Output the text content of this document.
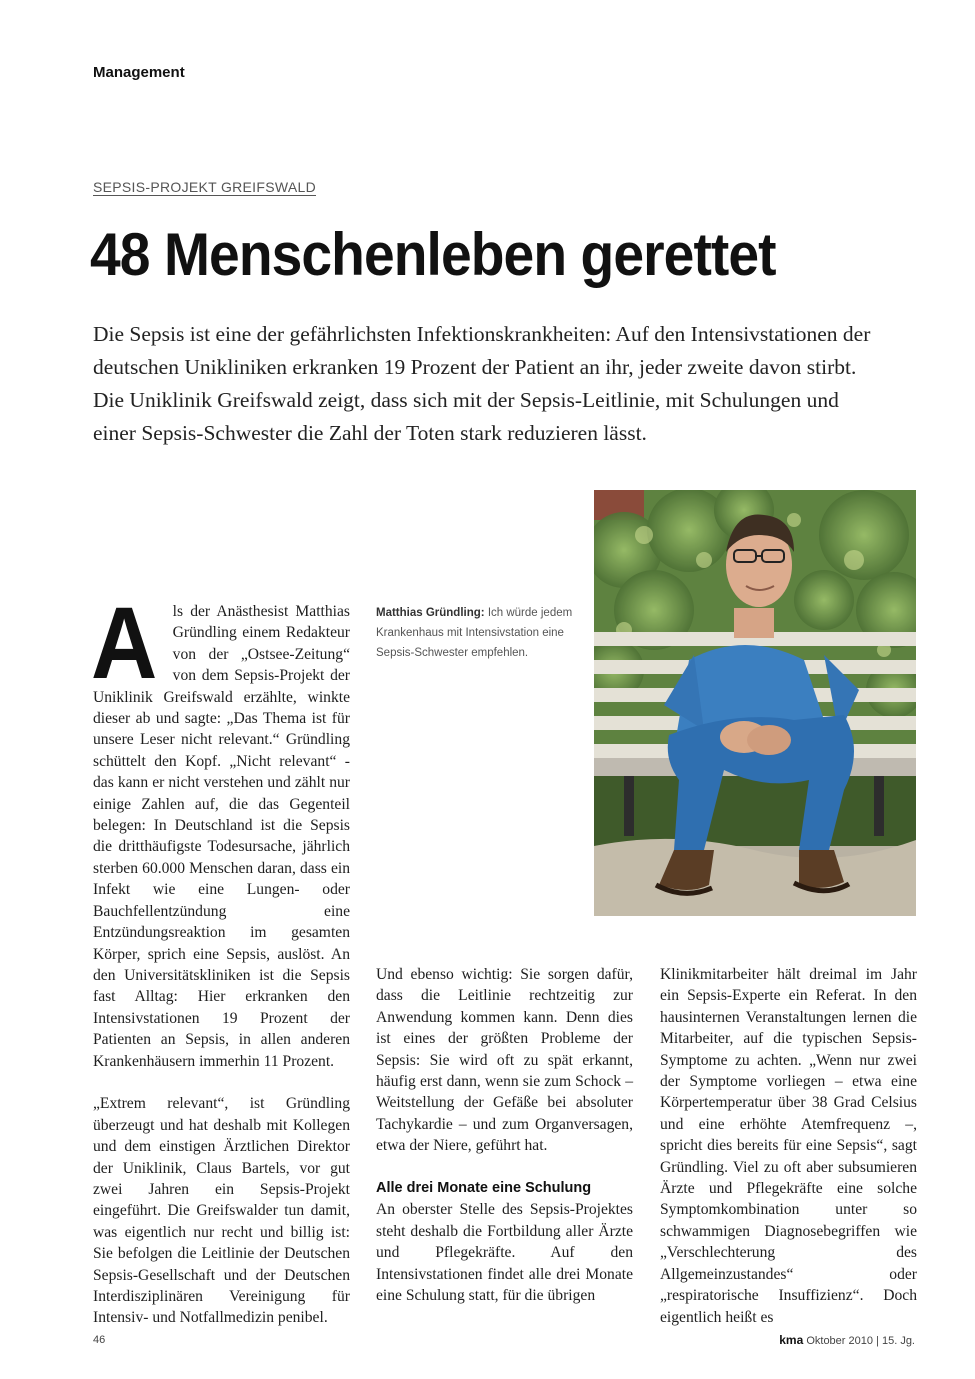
Management
SEPSIS-PROJEKT GREIFSWALD
48 Menschenleben gerettet

Die Sepsis ist eine der gefährlichsten Infektionskrankheiten: Auf den Intensivstationen der deutschen Unikliniken erkranken 19 Prozent der Patient an ihr, jeder zweite davon stirbt. Die Uniklinik Greifswald zeigt, dass sich mit der Sepsis-Leitlinie, mit Schulungen und einer Sepsis-Schwester die Zahl der Toten stark reduzieren lässt.

Matthias Gründling: Ich würde jedem Krankenhaus mit Intensivstation eine Sepsis-Schwester empfehlen.

Als der Anästhesist Matthias Gründling einem Redakteur von der „Ostsee-Zeitung“ von dem Sepsis-Projekt der Uniklinik Greifswald erzählte, winkte dieser ab und sagte: „Das Thema ist für unsere Leser nicht relevant.“ Gründling schüttelt den Kopf. „Nicht relevant“ - das kann er nicht verstehen und zählt nur einige Zahlen auf, die das Gegenteil belegen: In Deutschland ist die Sepsis die dritthäufigste Todesursache, jährlich sterben 60.000 Menschen daran, dass ein Infekt wie eine Lungen- oder Bauchfellentzündung eine Entzündungsreaktion im gesamten Körper, sprich eine Sepsis, auslöst. An den Universitätskliniken ist die Sepsis fast Alltag: Hier erkranken den Intensivstationen 19 Prozent der Patienten an Sepsis, in allen anderen Krankenhäusern immerhin 11 Prozent.

„Extrem relevant“, ist Gründling überzeugt und hat deshalb mit Kollegen und dem einstigen Ärztlichen Direktor der Uniklinik, Claus Bartels, vor gut zwei Jahren ein Sepsis-Projekt eingeführt. Die Greifswalder tun damit, was eigentlich nur recht und billig ist: Sie befolgen die Leitlinie der Deutschen Sepsis-Gesellschaft und der Deutschen Interdisziplinären Vereinigung für Intensiv- und Notfallmedizin penibel.

Und ebenso wichtig: Sie sorgen dafür, dass die Leitlinie rechtzeitig zur Anwendung kommen kann. Denn dies ist eines der größten Probleme der Sepsis: Sie wird oft zu spät erkannt, häufig erst dann, wenn sie zum Schock – Weitstellung der Gefäße bei absoluter Tachykardie – und zum Organversagen, etwa der Niere, geführt hat.

Alle drei Monate eine Schulung

An oberster Stelle des Sepsis-Projektes steht deshalb die Fortbildung aller Ärzte und Pflegekräfte. Auf den Intensivstationen findet alle drei Monate eine Schulung statt, für die übrigen

Klinikmitarbeiter hält dreimal im Jahr ein Sepsis-Experte ein Referat. In den hausinternen Veranstaltungen lernen die Mitarbeiter, auf die typischen Sepsis-Symptome zu achten. „Wenn nur zwei der Symptome vorliegen – etwa eine Körpertemperatur über 38 Grad Celsius und eine erhöhte Atemfrequenz –, spricht dies bereits für eine Sepsis“, sagt Gründling. Viel zu oft aber subsumieren Ärzte und Pflegekräfte eine solche Symptomkombination unter so schwammigen Diagnosebegriffen wie „Verschlechterung des Allgemeinzustandes“ oder „respiratorische Insuffizienz“. Doch eigentlich heißt es

46	kma Oktober 2010 | 15. Jg.
